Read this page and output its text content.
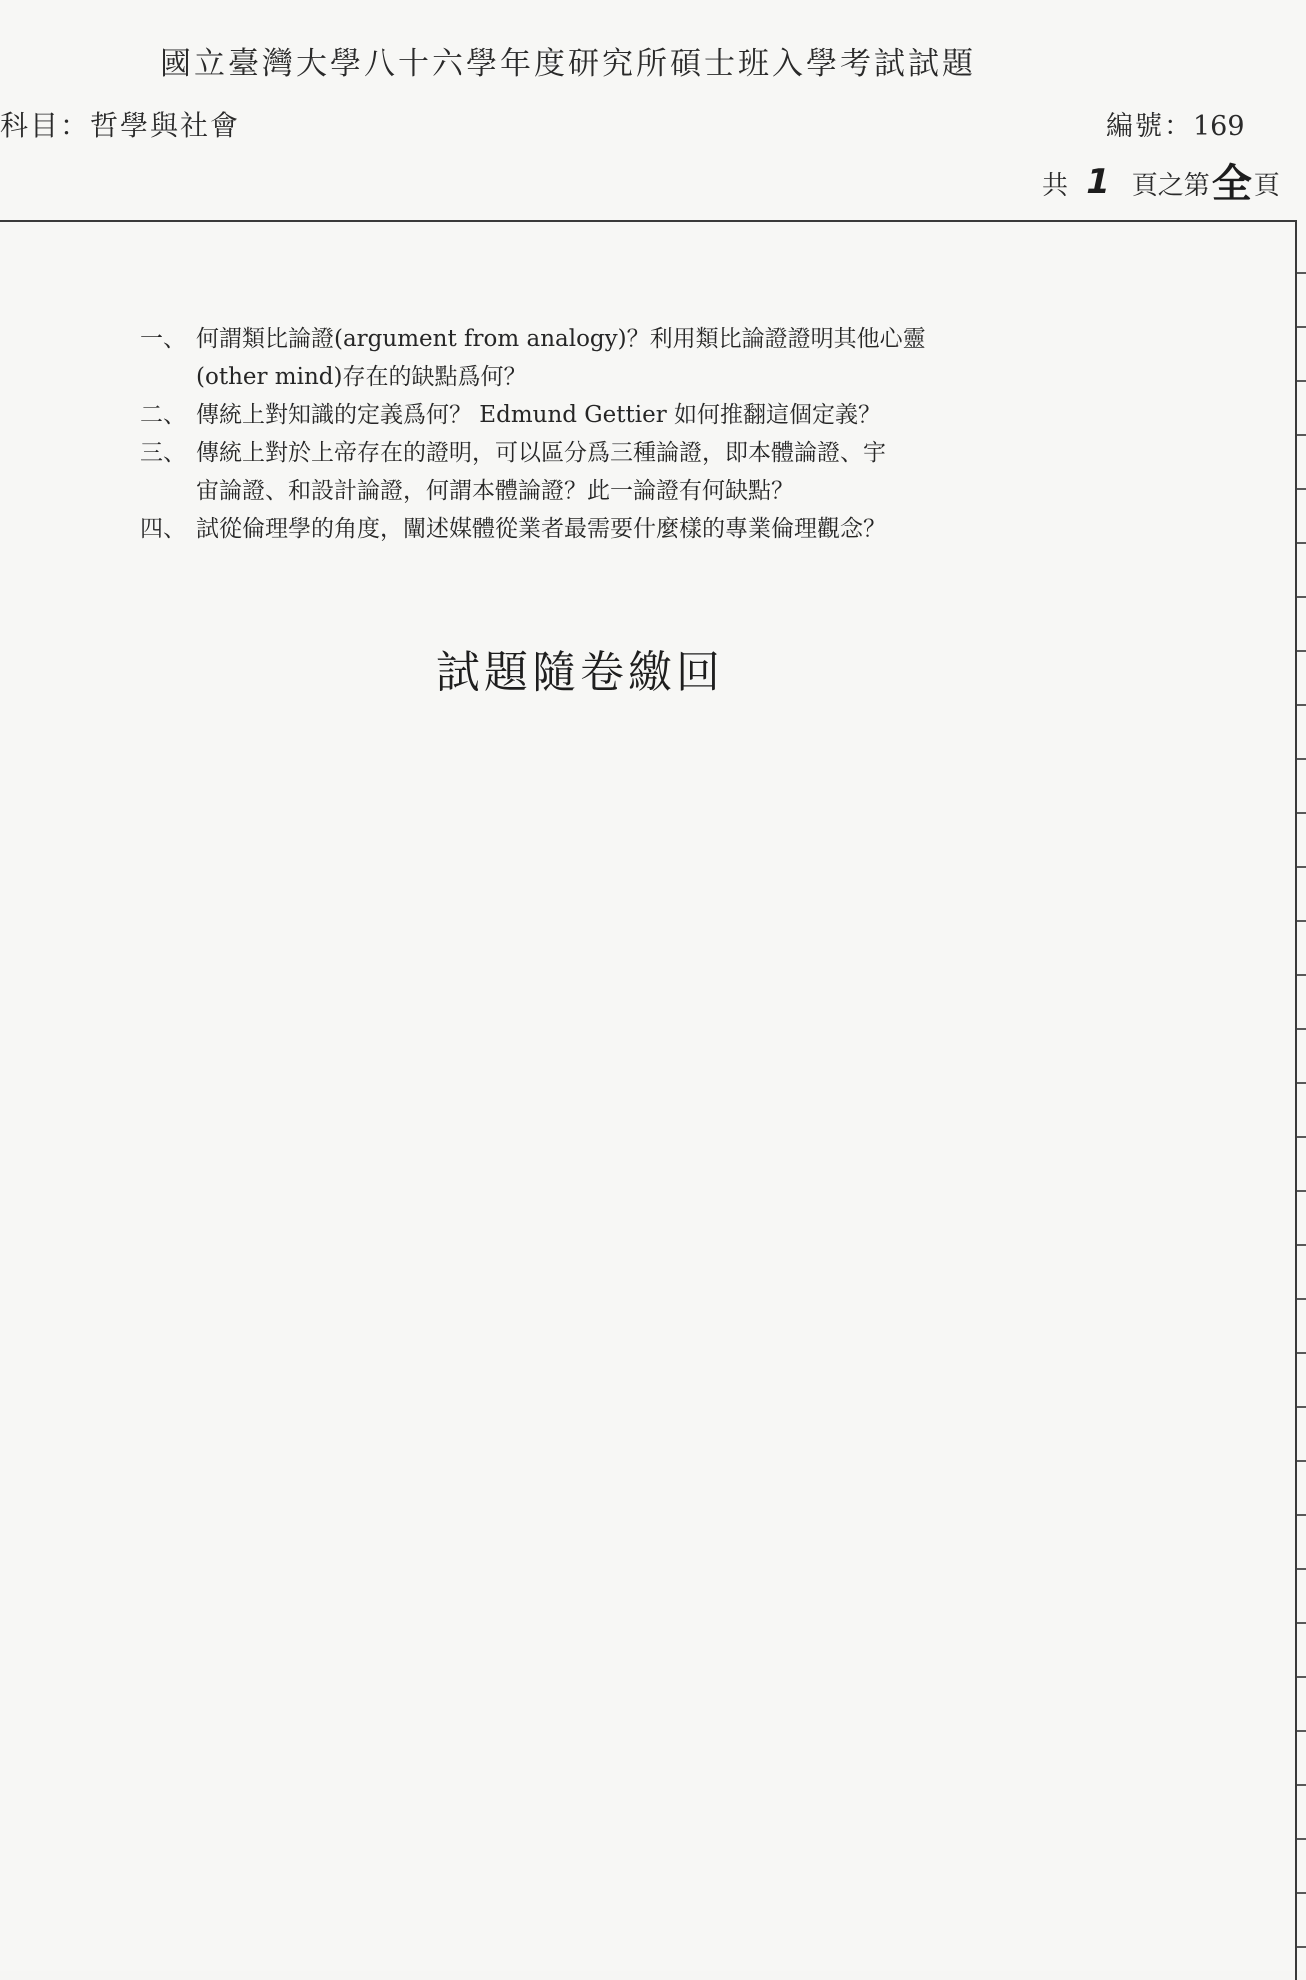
國立臺灣大學八十六學年度研究所碩士班入學考試試題
科目：哲學與社會	編號：169
共 1 頁之第 全 頁
一、 何謂類比論證(argument from analogy)？利用類比論證證明其他心靈
(other mind)存在的缺點爲何？
二、 傳統上對知識的定義爲何？ Edmund Gettier 如何推翻這個定義？
三、 傳統上對於上帝存在的證明，可以區分爲三種論證，即本體論證、宇
宙論證、和設計論證，何謂本體論證？此一論證有何缺點？
四、 試從倫理學的角度，闡述媒體從業者最需要什麼樣的專業倫理觀念？
試題隨卷繳回
